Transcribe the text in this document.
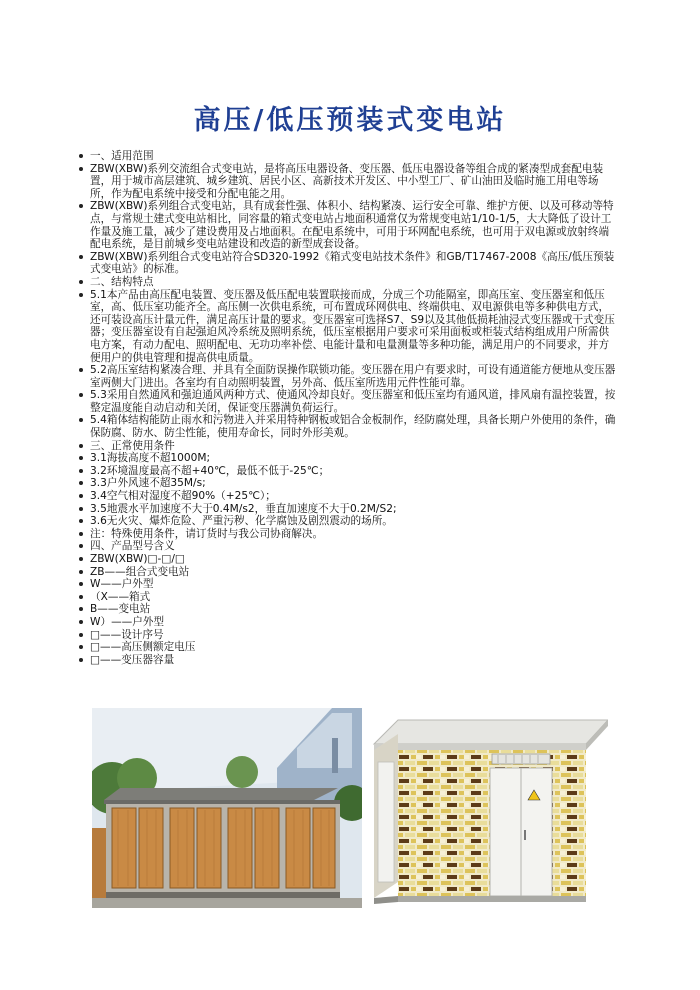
高压/低压预装式变电站

一、适用范围

ZBW(XBW)系列交流组合式变电站，是将高压电器设备、变压器、低压电器设备等组合成的紧凑型成套配电装置，用于城市高层建筑、城乡建筑、居民小区、高新技术开发区、中小型工厂、矿山油田及临时施工用电等场所，作为配电系统中接受和分配电能之用。

ZBW(XBW)系列组合式变电站，具有成套性强、体积小、结构紧凑、运行安全可靠、维护方便、以及可移动等特点，与常规土建式变电站相比，同容量的箱式变电站占地面积通常仅为常规变电站1/10-1/5，大大降低了设计工作量及施工量，减少了建设费用及占地面积。在配电系统中，可用于环网配电系统，也可用于双电源或放射终端配电系统，是目前城乡变电站建设和改造的新型成套设备。

ZBW(XBW)系列组合式变电站符合SD320-1992《箱式变电站技术条件》和GB/T17467-2008《高压/低压预装式变电站》的标准。

二、结构特点

5.1本产品由高压配电装置、变压器及低压配电装置联接而成，分成三个功能隔室，即高压室、变压器室和低压室，高、低压室功能齐全。高压侧一次供电系统，可布置成环网供电、终端供电、双电源供电等多种供电方式，还可装设高压计量元件，满足高压计量的要求。变压器室可选择S7、S9以及其他低损耗油浸式变压器或干式变压器；变压器室设有自起强迫风冷系统及照明系统，低压室根据用户要求可采用面板或柜装式结构组成用户所需供电方案，有动力配电、照明配电、无功功率补偿、电能计量和电量测量等多种功能，满足用户的不同要求，并方便用户的供电管理和提高供电质量。

5.2高压室结构紧凑合理、并具有全面防误操作联锁功能。变压器在用户有要求时，可设有通道能方便地从变压器室两侧大门进出。各室均有自动照明装置，另外高、低压室所选用元件性能可靠。

5.3采用自然通风和强迫通风两种方式、使通风冷却良好。变压器室和低压室均有通风道，排风扇有温控装置，按整定温度能自动启动和关闭，保证变压器满负荷运行。

5.4箱体结构能防止雨水和污物进入并采用特种钢板或铝合金板制作，经防腐处理，具备长期户外使用的条件，确保防腐、防水、防尘性能，使用寿命长，同时外形美观。

三、正常使用条件

3.1海拔高度不超1000M;

3.2环境温度最高不超+40℃，最低不低于-25℃；

3.3户外风速不超35M/s;

3.4空气相对湿度不超90%（+25℃）；

3.5地震水平加速度不大于0.4M/s2，垂直加速度不大于0.2M/S2;

3.6无火灾、爆炸危险、严重污秽、化学腐蚀及剧烈震动的场所。

注：特殊使用条件，请订货时与我公司协商解决。

四、产品型号含义

ZBW(XBW)□-□/□

ZB——组合式变电站

W——户外型

（X——箱式

B——变电站

W）——户外型

□——设计序号

□——高压侧额定电压

□——变压器容量
